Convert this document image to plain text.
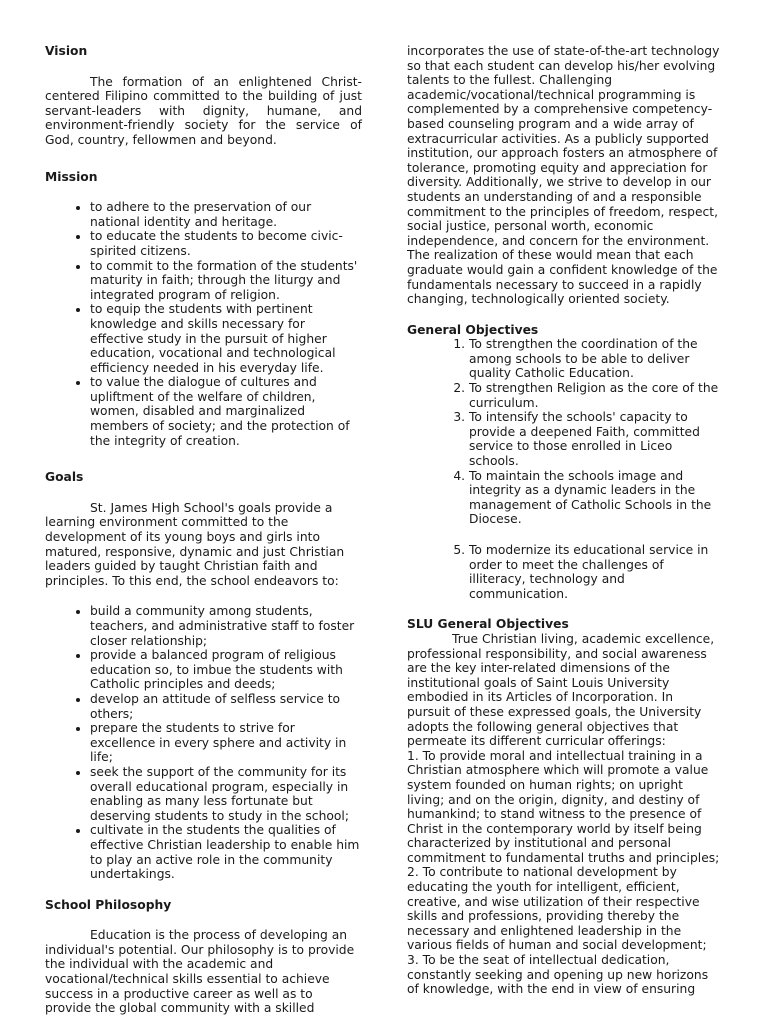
Vision

The formation of an enlightened Christ-centered Filipino committed to the building of just servant-leaders with dignity, humane, and environment-friendly society for the service of God, country, fellowmen and beyond.

Mission
• to adhere to the preservation of our national identity and heritage.
• to educate the students to become civic-spirited citizens.
• to commit to the formation of the students' maturity in faith; through the liturgy and integrated program of religion.
• to equip the students with pertinent knowledge and skills necessary for effective study in the pursuit of higher education, vocational and technological efficiency needed in his everyday life.
• to value the dialogue of cultures and upliftment of the welfare of children, women, disabled and marginalized members of society; and the protection of the integrity of creation.
Goals

St. James High School's goals provide a learning environment committed to the development of its young boys and girls into matured, responsive, dynamic and just Christian leaders guided by taught Christian faith and principles. To this end, the school endeavors to:

• build a community among students, teachers, and administrative staff to foster closer relationship;
• provide a balanced program of religious education so, to imbue the students with Catholic principles and deeds;
• develop an attitude of selfless service to others;
• prepare the students to strive for excellence in every sphere and activity in life;
• seek the support of the community for its overall educational program, especially in enabling as many less fortunate but deserving students to study in the school;
• cultivate in the students the qualities of effective Christian leadership to enable him to play an active role in the community undertakings.
School Philosophy

Education is the process of developing an individual's potential. Our philosophy is to provide the individual with the academic and vocational/technical skills essential to achieve success in a productive career as well as to provide the global community with a skilled

incorporates the use of state-of-the-art technology so that each student can develop his/her evolving talents to the fullest. Challenging academic/vocational/technical programming is complemented by a comprehensive competency-based counseling program and a wide array of extracurricular activities. As a publicly supported institution, our approach fosters an atmosphere of tolerance, promoting equity and appreciation for diversity. Additionally, we strive to develop in our students an understanding of and a responsible commitment to the principles of freedom, respect, social justice, personal worth, economic independence, and concern for the environment. The realization of these would mean that each graduate would gain a confident knowledge of the fundamentals necessary to succeed in a rapidly changing, technologically oriented society.

General Objectives
1. To strengthen the coordination of the among schools to be able to deliver quality Catholic Education.
2. To strengthen Religion as the core of the curriculum.
3. To intensify the schools' capacity to provide a deepened Faith, committed service to those enrolled in Liceo schools.
4. To maintain the schools image and integrity as a dynamic leaders in the management of Catholic Schools in the Diocese.
5. To modernize its educational service in order to meet the challenges of illiteracy, technology and communication.
SLU General Objectives

True Christian living, academic excellence, professional responsibility, and social awareness are the key inter-related dimensions of the institutional goals of Saint Louis University embodied in its Articles of Incorporation. In pursuit of these expressed goals, the University adopts the following general objectives that permeate its different curricular offerings:

1. To provide moral and intellectual training in a Christian atmosphere which will promote a value system founded on human rights; on upright living; and on the origin, dignity, and destiny of humankind; to stand witness to the presence of Christ in the contemporary world by itself being characterized by institutional and personal commitment to fundamental truths and principles;

2. To contribute to national development by educating the youth for intelligent, efficient, creative, and wise utilization of their respective skills and professions, providing thereby the necessary and enlightened leadership in the various fields of human and social development;

3. To be the seat of intellectual dedication, constantly seeking and opening up new horizons of knowledge, with the end in view of ensuring
